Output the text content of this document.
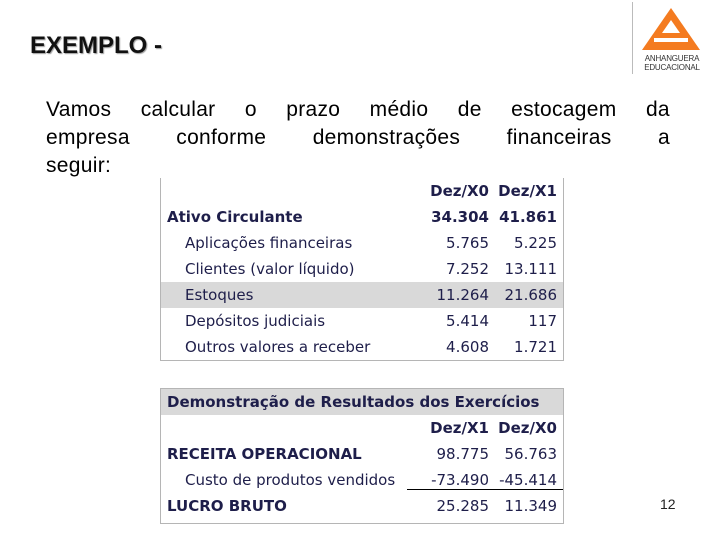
EXEMPLO -	ANHANGUERA
EDUCACIONAL
Vamos calcular o prazo médio de estocagem da
empresa conforme demonstrações financeiras a
seguir:
Dez/X0 Dez/X1
Ativo Circulante	34.304 41.861
Aplicações financeiras	5.765	5.225
Clientes (valor líquido)	7.252	13.111
Estoques	11.264	21.686
Depósitos judiciais	5.414	117
Outros valores a receber	4.608	1.721
Demonstração de Resultados dos Exercícios
Dez/X1 Dez/X0
RECEITA OPERACIONAL	98.775	56.763
Custo de produtos vendidos	-73.490 -45.414
LUCRO BRUTO	25.285	11.349	12
